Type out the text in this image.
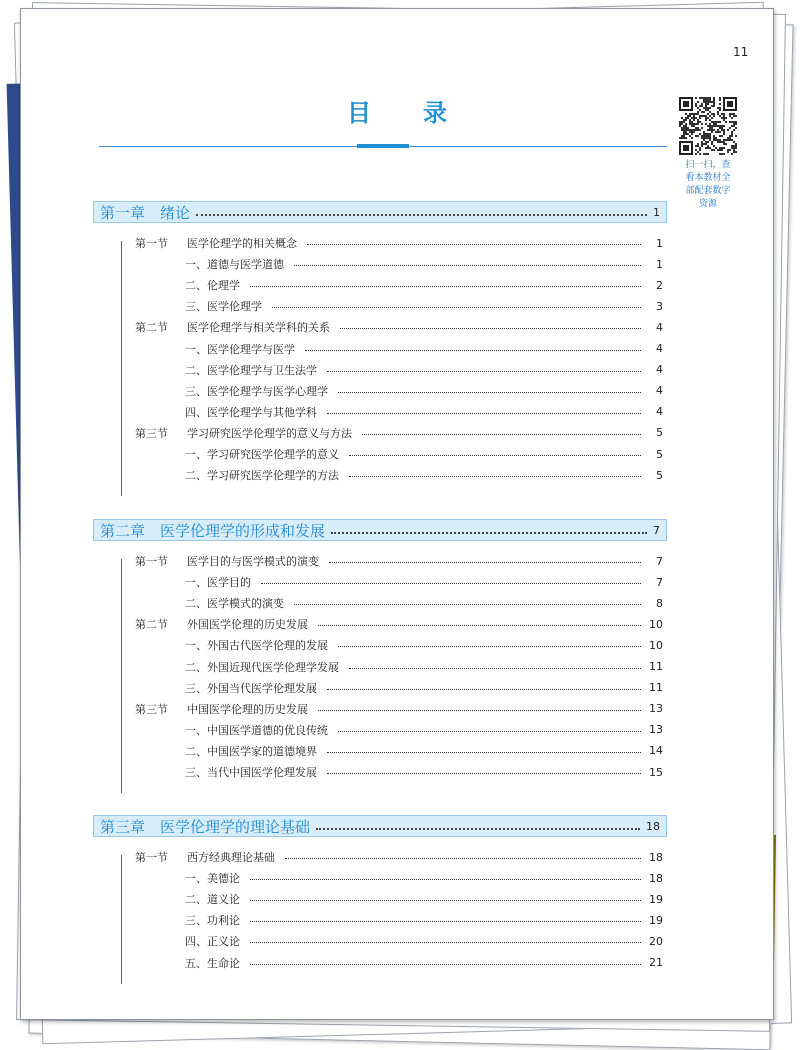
11
目　录
扫一扫，查
看本教材全
部配套数字
资源
第一章　绪论	1
第一节 医学伦理学的相关概念	1
一、道德与医学道德	1
二、伦理学	2
三、医学伦理学	3
第二节 医学伦理学与相关学科的关系	4
一、医学伦理学与医学	4
二、医学伦理学与卫生法学	4
三、医学伦理学与医学心理学	4
四、医学伦理学与其他学科	4
第三节 学习研究医学伦理学的意义与方法	5
一、学习研究医学伦理学的意义	5
二、学习研究医学伦理学的方法	5
第二章　医学伦理学的形成和发展	7
第一节 医学目的与医学模式的演变	7
一、医学目的	7
二、医学模式的演变	8
第二节 外国医学伦理的历史发展	10
一、外国古代医学伦理的发展	10
二、外国近现代医学伦理学发展	11
三、外国当代医学伦理发展	11
第三节 中国医学伦理的历史发展	13
一、中国医学道德的优良传统	13
二、中国医学家的道德境界	14
三、当代中国医学伦理发展	15
第三章　医学伦理学的理论基础	18
第一节 西方经典理论基础	18
一、美德论	18
二、道义论	19
三、功利论	19
四、正义论	20
五、生命论	21
